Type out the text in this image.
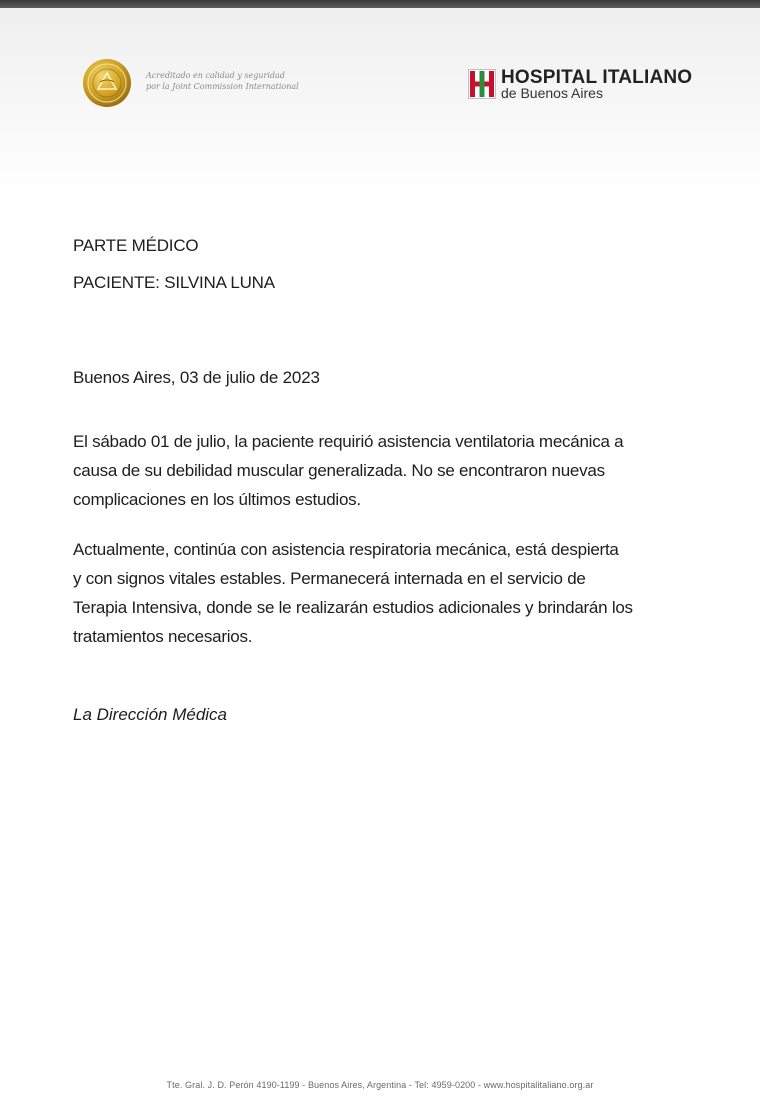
Acreditado en calidad y seguridad
por la Joint Commission International	HOSPITAL ITALIANO
de Buenos Aires
PARTE MÉDICO
PACIENTE: SILVINA LUNA
Buenos Aires, 03 de julio de 2023
El sábado 01 de julio, la paciente requirió asistencia ventilatoria mecánica a
causa de su debilidad muscular generalizada. No se encontraron nuevas
complicaciones en los últimos estudios.
Actualmente, continúa con asistencia respiratoria mecánica, está despierta
y con signos vitales estables. Permanecerá internada en el servicio de
Terapia Intensiva, donde se le realizarán estudios adicionales y brindarán los
tratamientos necesarios.
La Dirección Médica
Tte. Gral. J. D. Perón 4190-1199 - Buenos Aires, Argentina - Tel: 4959-0200 - www.hospitalitaliano.org.ar
